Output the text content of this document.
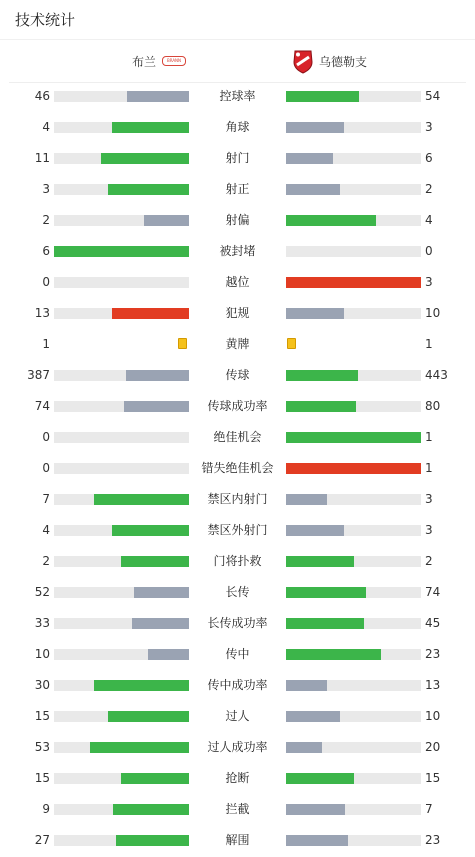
技术统计
布兰	BRANN	乌德勒支
46	控球率	54
4	角球	3
11	射门	6
3	射正	2
2	射偏	4
6	被封堵	0
0	越位	3
13	犯规	10
1	黄牌	1
387	传球	443
74	传球成功率	80
0	绝佳机会	1
0	错失绝佳机会	1
7	禁区内射门	3
4	禁区外射门	3
2	门将扑救	2
52	长传	74
33	长传成功率	45
10	传中	23
30	传中成功率	13
15	过人	10
53	过人成功率	20
15	抢断	15
9	拦截	7
27	解围	23
